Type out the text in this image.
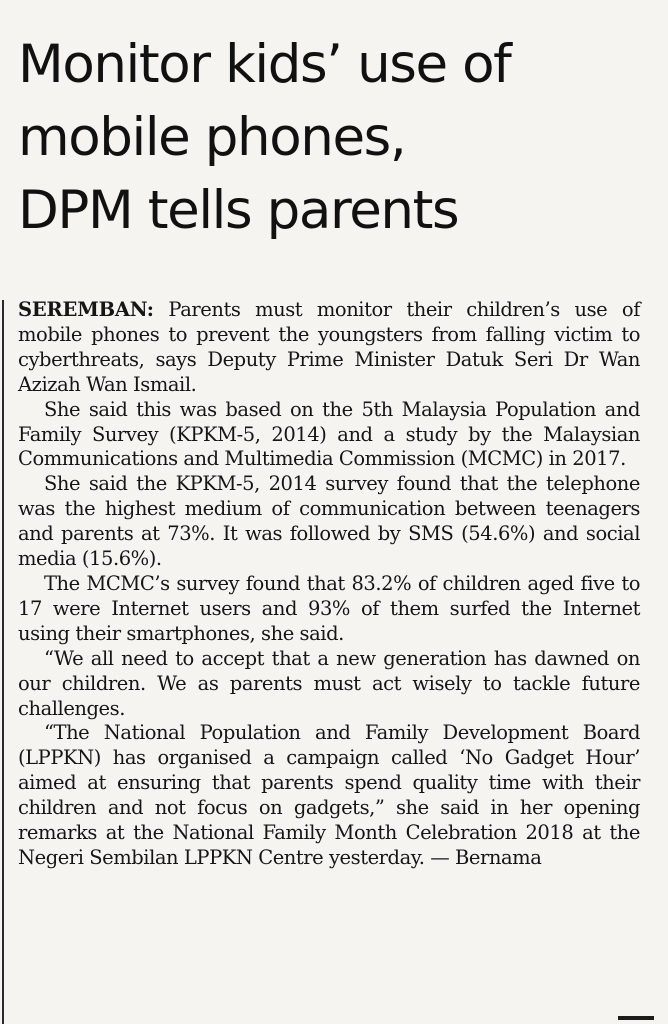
Monitor kids’ use of
mobile phones,
DPM tells parents

SEREMBAN: Parents must monitor their children’s use of mobile phones to prevent the youngsters from falling victim to cyberthreats, says Deputy Prime Minister Datuk Seri Dr Wan Azizah Wan Ismail.

She said this was based on the 5th Malaysia Population and Family Survey (KPKM-5, 2014) and a study by the Malaysian Communications and Multimedia Commission (MCMC) in 2017.

She said the KPKM-5, 2014 survey found that the telephone was the highest medium of communication between teenagers and parents at 73%. It was followed by SMS (54.6%) and social media (15.6%).

The MCMC’s survey found that 83.2% of children aged five to 17 were Internet users and 93% of them surfed the Internet using their smartphones, she said.

“We all need to accept that a new generation has dawned on our children. We as parents must act wisely to tackle future challenges.

“The National Population and Family Development Board (LPPKN) has organised a campaign called ‘No Gadget Hour’ aimed at ensuring that parents spend quality time with their children and not focus on gadgets,” she said in her opening remarks at the National Family Month Celebration 2018 at the Negeri Sembilan LPPKN Centre yesterday. — Bernama
